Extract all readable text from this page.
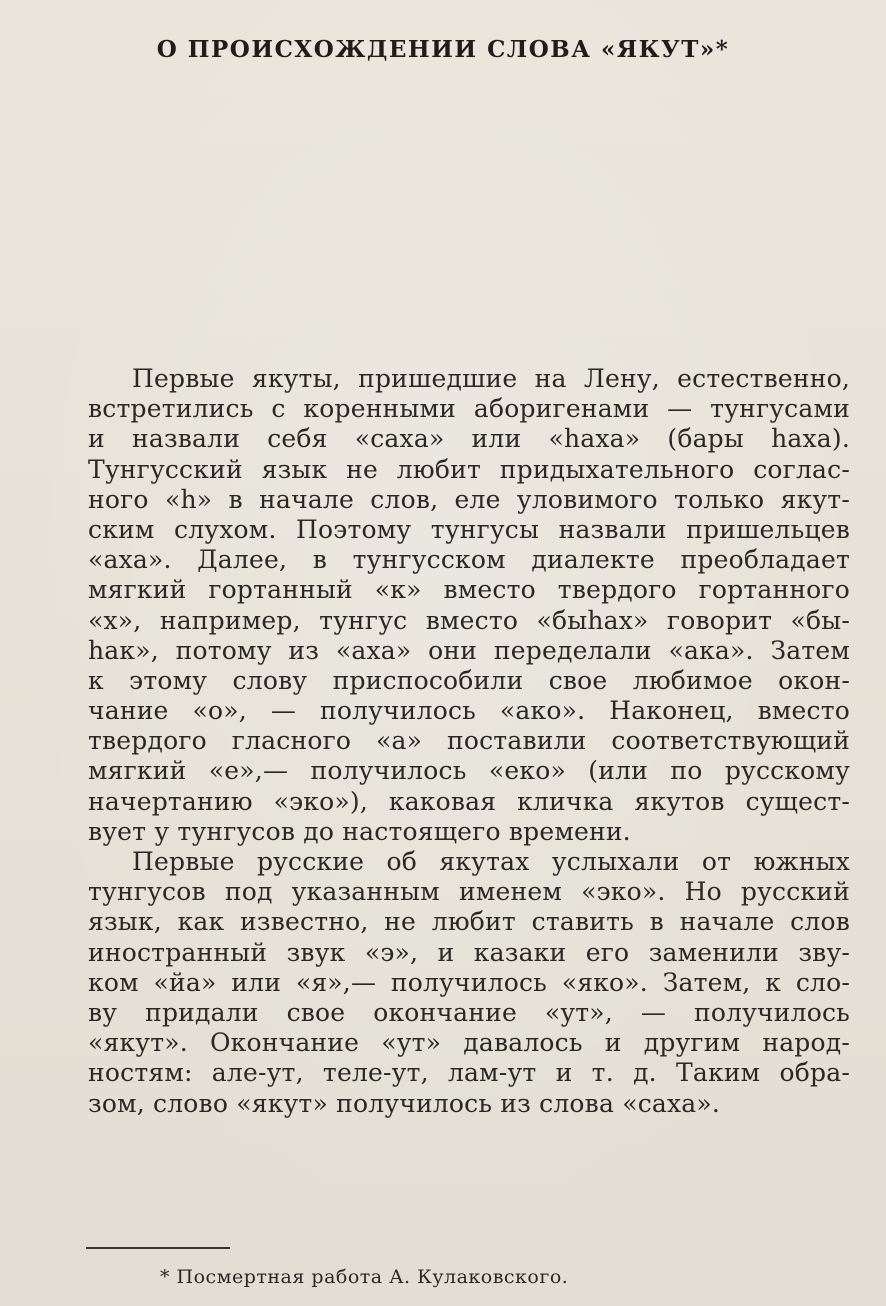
О ПРОИСХОЖДЕНИИ СЛОВА «ЯКУТ»*
Первые якуты, пришедшие на Лену, естественно,
встретились с коренными аборигенами — тунгусами
и назвали себя «саха» или «hаха» (бары hаха).
Тунгусский язык не любит придыхательного соглас-
ного «h» в начале слов, еле уловимого только якут-
ским слухом. Поэтому тунгусы назвали пришельцев
«аха». Далее, в тунгусском диалекте преобладает
мягкий гортанный «к» вместо твердого гортанного
«х», например, тунгус вместо «быhах» говорит «бы-
hак», потому из «аха» они переделали «ака». Затем
к этому слову приспособили свое любимое окон-
чание «о», — получилось «ако». Наконец, вместо
твердого гласного «а» поставили соответствующий
мягкий «е»,— получилось «еко» (или по русскому
начертанию «эко»), каковая кличка якутов сущест-
вует у тунгусов до настоящего времени.
Первые русские об якутах услыхали от южных
тунгусов под указанным именем «эко». Но русский
язык, как известно, не любит ставить в начале слов
иностранный звук «э», и казаки его заменили зву-
ком «йа» или «я»,— получилось «яко». Затем, к сло-
ву придали свое окончание «ут», — получилось
«якут». Окончание «ут» давалось и другим народ-
ностям: але-ут, теле-ут, лам-ут и т. д. Таким обра-
зом, слово «якут» получилось из слова «саха».
* Посмертная работа А. Кулаковского.
